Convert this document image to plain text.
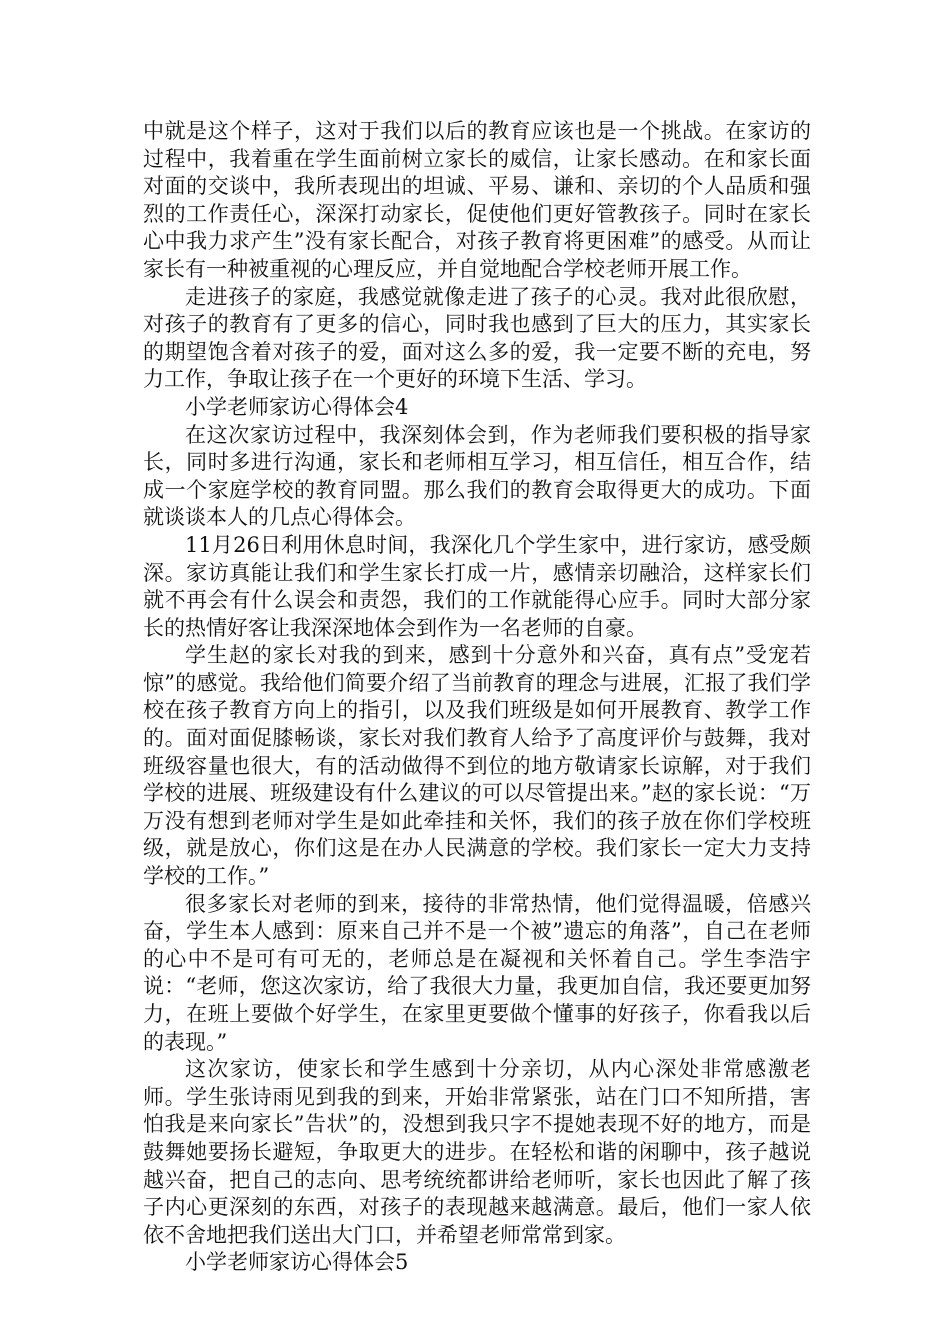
中就是这个样子，这对于我们以后的教育应该也是一个挑战。在家访的过程中，我着重在学生面前树立家长的威信，让家长感动。在和家长面对面的交谈中，我所表现出的坦诚、平易、谦和、亲切的个人品质和强烈的工作责任心，深深打动家长，促使他们更好管教孩子。同时在家长心中我力求产生”没有家长配合，对孩子教育将更困难”的感受。从而让家长有一种被重视的心理反应，并自觉地配合学校老师开展工作。

走进孩子的家庭，我感觉就像走进了孩子的心灵。我对此很欣慰，对孩子的教育有了更多的信心，同时我也感到了巨大的压力，其实家长的期望饱含着对孩子的爱，面对这么多的爱，我一定要不断的充电，努力工作，争取让孩子在一个更好的环境下生活、学习。

小学老师家访心得体会4

在这次家访过程中，我深刻体会到，作为老师我们要积极的指导家长，同时多进行沟通，家长和老师相互学习，相互信任，相互合作，结成一个家庭学校的教育同盟。那么我们的教育会取得更大的成功。下面就谈谈本人的几点心得体会。

11月26日利用休息时间，我深化几个学生家中，进行家访，感受颇深。家访真能让我们和学生家长打成一片，感情亲切融洽，这样家长们就不再会有什么误会和责怨，我们的工作就能得心应手。同时大部分家长的热情好客让我深深地体会到作为一名老师的自豪。

学生赵的家长对我的到来，感到十分意外和兴奋，真有点”受宠若惊”的感觉。我给他们简要介绍了当前教育的理念与进展，汇报了我们学校在孩子教育方向上的指引，以及我们班级是如何开展教育、教学工作的。面对面促膝畅谈，家长对我们教育人给予了高度评价与鼓舞，我对班级容量也很大，有的活动做得不到位的地方敬请家长谅解，对于我们学校的进展、班级建设有什么建议的可以尽管提出来。”赵的家长说：“万万没有想到老师对学生是如此牵挂和关怀，我们的孩子放在你们学校班级，就是放心，你们这是在办人民满意的学校。我们家长一定大力支持学校的工作。”

很多家长对老师的到来，接待的非常热情，他们觉得温暖，倍感兴奋，学生本人感到：原来自己并不是一个被”遗忘的角落”，自己在老师的心中不是可有可无的，老师总是在凝视和关怀着自己。学生李浩宇说：“老师，您这次家访，给了我很大力量，我更加自信，我还要更加努力，在班上要做个好学生，在家里更要做个懂事的好孩子，你看我以后的表现。”

这次家访，使家长和学生感到十分亲切，从内心深处非常感激老师。学生张诗雨见到我的到来，开始非常紧张，站在门口不知所措，害怕我是来向家长”告状”的，没想到我只字不提她表现不好的地方，而是鼓舞她要扬长避短，争取更大的进步。在轻松和谐的闲聊中，孩子越说越兴奋，把自己的志向、思考统统都讲给老师听，家长也因此了解了孩子内心更深刻的东西，对孩子的表现越来越满意。最后，他们一家人依依不舍地把我们送出大门口，并希望老师常常到家。

小学老师家访心得体会5
